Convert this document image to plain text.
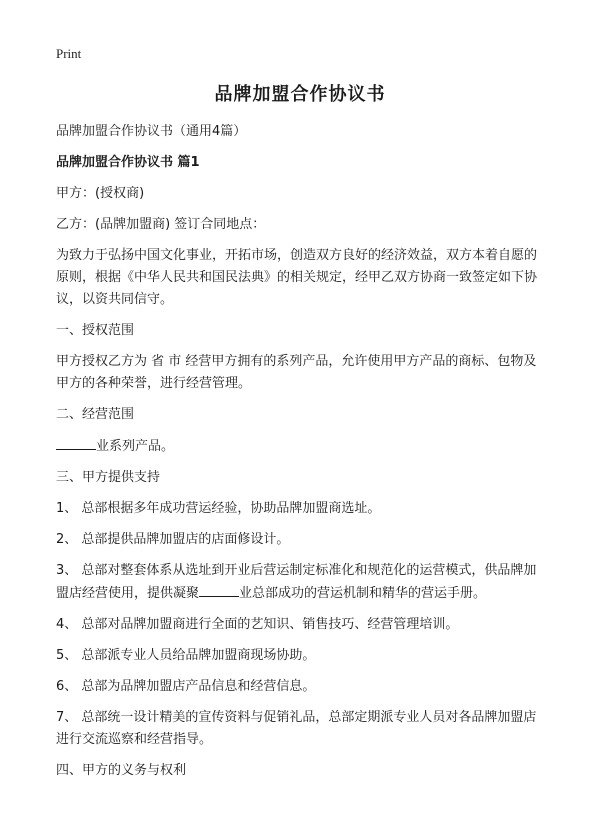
Print
品牌加盟合作协议书

品牌加盟合作协议书（通用4篇）

品牌加盟合作协议书 篇1

甲方：(授权商)

乙方：(品牌加盟商) 签订合同地点：

为致力于弘扬中国文化事业，开拓市场，创造双方良好的经济效益，双方本着自愿的原则，根据《中华人民共和国民法典》的相关规定，经甲乙双方协商一致签定如下协议，以资共同信守。

一、授权范围

甲方授权乙方为 省 市 经营甲方拥有的系列产品，允许使用甲方产品的商标、包物及甲方的各种荣誉，进行经营管理。

二、经营范围

业系列产品。

三、甲方提供支持

1、 总部根据多年成功营运经验，协助品牌加盟商选址。

2、 总部提供品牌加盟店的店面修设计。

3、 总部对整套体系从选址到开业后营运制定标准化和规范化的运营模式，供品牌加盟店经营使用，提供凝聚	业总部成功的营运机制和精华的营运手册。

4、 总部对品牌加盟商进行全面的艺知识、销售技巧、经营管理培训。

5、 总部派专业人员给品牌加盟商现场协助。

6、 总部为品牌加盟店产品信息和经营信息。

7、 总部统一设计精美的宣传资料与促销礼品，总部定期派专业人员对各品牌加盟店进行交流巡察和经营指导。

四、甲方的义务与权利
